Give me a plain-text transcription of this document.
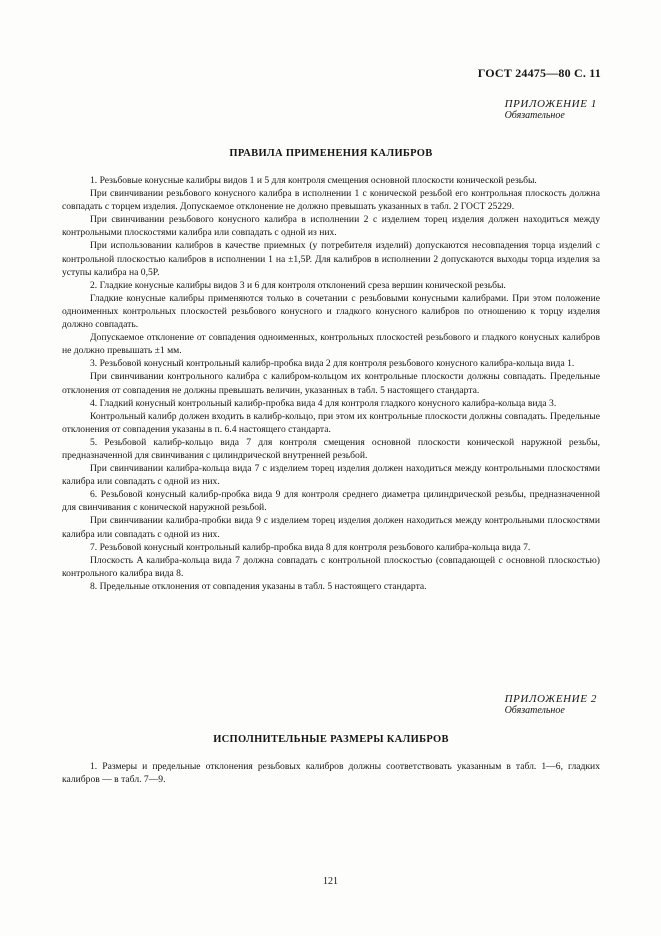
ГОСТ 24475—80 С. 11
ПРИЛОЖЕНИЕ 1
Обязательное
ПРАВИЛА ПРИМЕНЕНИЯ КАЛИБРОВ

1. Резьбовые конусные калибры видов 1 и 5 для контроля смещения основной плоскости конической резьбы.

При свинчивании резьбового конусного калибра в исполнении 1 с конической резьбой его контрольная плоскость должна совпадать с торцем изделия. Допускаемое отклонение не должно превышать указанных в табл. 2 ГОСТ 25229.

При свинчивании резьбового конусного калибра в исполнении 2 с изделием торец изделия должен находиться между контрольными плоскостями калибра или совпадать с одной из них.

При использовании калибров в качестве приемных (у потребителя изделий) допускаются несовпадения торца изделий с контрольной плоскостью калибров в исполнении 1 на ±1,5P. Для калибров в исполнении 2 допускаются выходы торца изделия за уступы калибра на 0,5P.

2. Гладкие конусные калибры видов 3 и 6 для контроля отклонений среза вершин конической резьбы.

Гладкие конусные калибры применяются только в сочетании с резьбовыми конусными калибрами. При этом положение одноименных контрольных плоскостей резьбового конусного и гладкого конусного калибров по отношению к торцу изделия должно совпадать.

Допускаемое отклонение от совпадения одноименных, контрольных плоскостей резьбового и гладкого конусных калибров не должно превышать ±1 мм.

3. Резьбовой конусный контрольный калибр-пробка вида 2 для контроля резьбового конусного калибра-кольца вида 1.

При свинчивании контрольного калибра с калибром-кольцом их контрольные плоскости должны совпадать. Предельные отклонения от совпадения не должны превышать величин, указанных в табл. 5 настоящего стандарта.

4. Гладкий конусный контрольный калибр-пробка вида 4 для контроля гладкого конусного калибра-кольца вида 3.

Контрольный калибр должен входить в калибр-кольцо, при этом их контрольные плоскости должны совпадать. Предельные отклонения от совпадения указаны в п. 6.4 настоящего стандарта.

5. Резьбовой калибр-кольцо вида 7 для контроля смещения основной плоскости конической наружной резьбы, предназначенной для свинчивания с цилиндрической внутренней резьбой.

При свинчивании калибра-кольца вида 7 с изделием торец изделия должен находиться между контрольными плоскостями калибра или совпадать с одной из них.

6. Резьбовой конусный калибр-пробка вида 9 для контроля среднего диаметра цилиндрической резьбы, предназначенной для свинчивания с конической наружной резьбой.

При свинчивании калибра-пробки вида 9 с изделием торец изделия должен находиться между контрольными плоскостями калибра или совпадать с одной из них.

7. Резьбовой конусный контрольный калибр-пробка вида 8 для контроля резьбового калибра-кольца вида 7.

Плоскость A калибра-кольца вида 7 должна совпадать с контрольной плоскостью (совпадающей с основной плоскостью) контрольного калибра вида 8.

8. Предельные отклонения от совпадения указаны в табл. 5 настоящего стандарта.

ПРИЛОЖЕНИЕ 2
Обязательное
ИСПОЛНИТЕЛЬНЫЕ РАЗМЕРЫ КАЛИБРОВ

1. Размеры и предельные отклонения резьбовых калибров должны соответствовать указанным в табл. 1—6, гладких калибров — в табл. 7—9.

121
